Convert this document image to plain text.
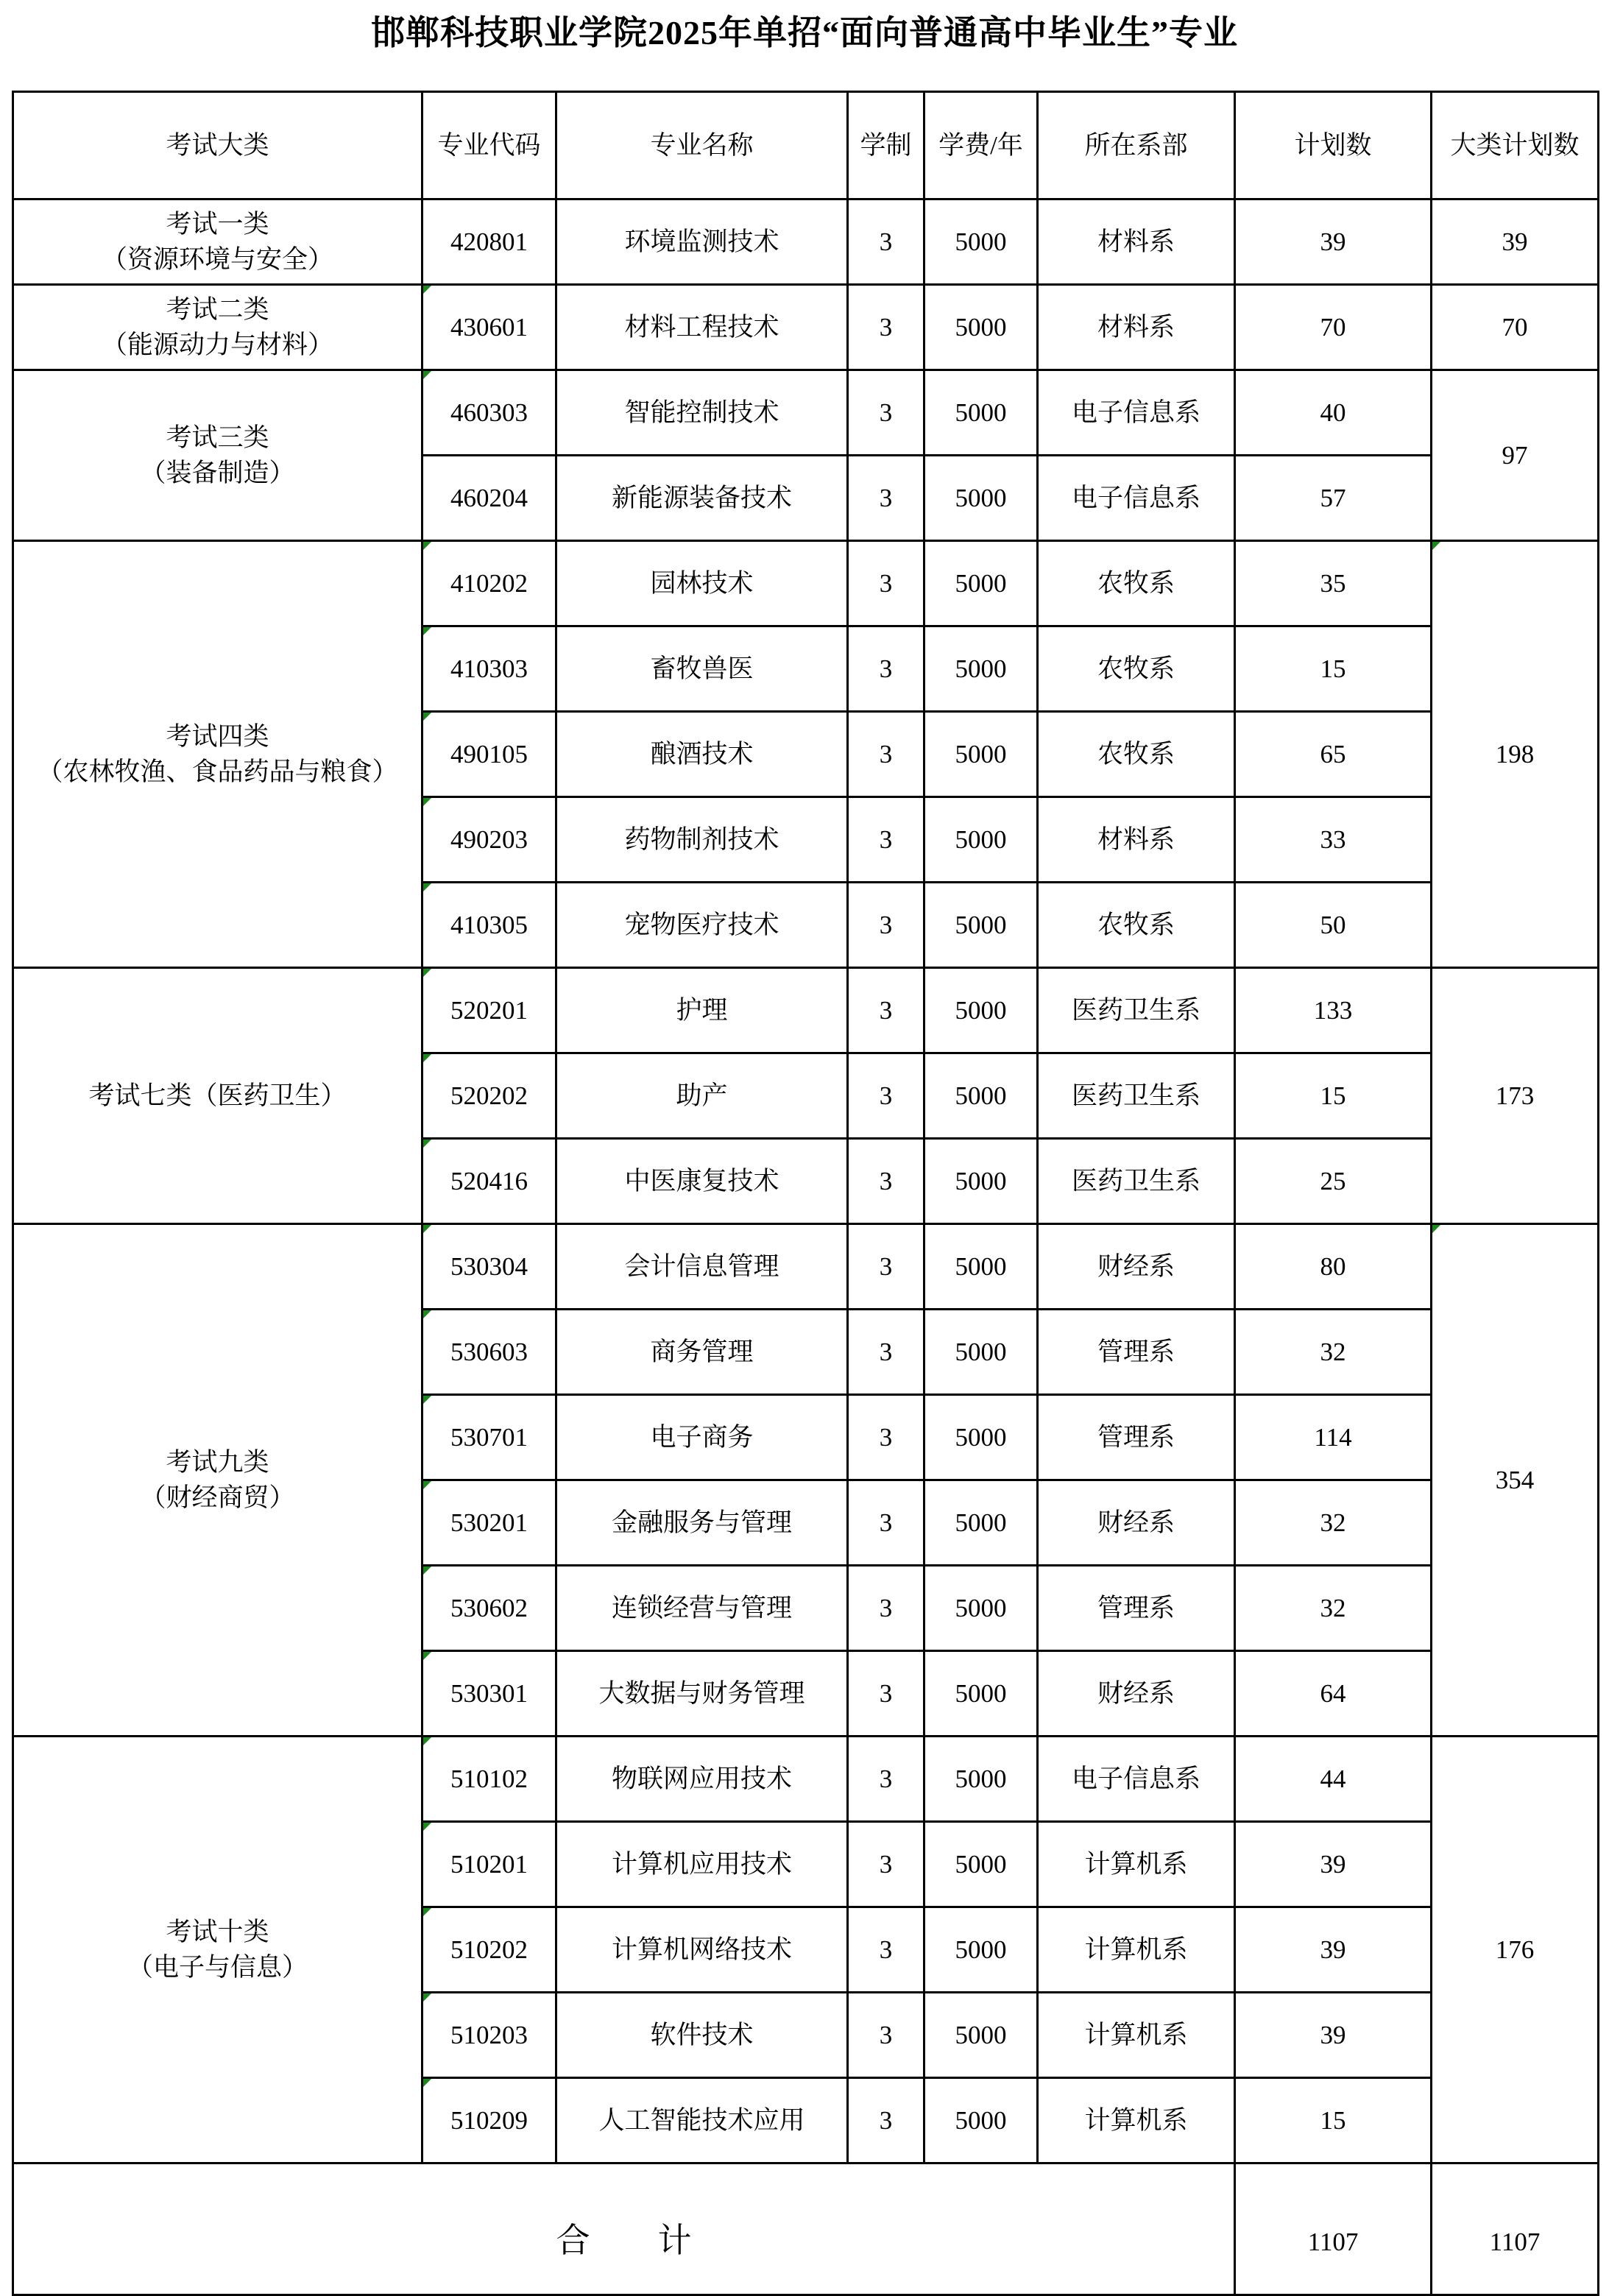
邯郸科技职业学院2025年单招“面向普通高中毕业生”专业
考试大类	专业代码	专业名称	学制	学费/年	所在系部	计划数	大类计划数

考试一类
（资源环境与安全）	420801	环境监测技术	3	5000	材料系	39	39

考试二类
（能源动力与材料）	430601	材料工程技术	3	5000	材料系	70	70

考试三类
（装备制造）	460303	智能控制技术	3	5000	电子信息系	40	97
	460204	新能源装备技术	3	5000	电子信息系	57	

考试四类
（农林牧渔、食品药品与粮食）	410202	园林技术	3	5000	农牧系	35	198
	410303	畜牧兽医	3	5000	农牧系	15	
	490105	酿酒技术	3	5000	农牧系	65	
	490203	药物制剂技术	3	5000	材料系	33	
	410305	宠物医疗技术	3	5000	农牧系	50	

考试七类（医药卫生）	520201	护理	3	5000	医药卫生系	133	173
	520202	助产	3	5000	医药卫生系	15	
	520416	中医康复技术	3	5000	医药卫生系	25	

考试九类
（财经商贸）	530304	会计信息管理	3	5000	财经系	80	354
	530603	商务管理	3	5000	管理系	32	
	530701	电子商务	3	5000	管理系	114	
	530201	金融服务与管理	3	5000	财经系	32	
	530602	连锁经营与管理	3	5000	管理系	32	
	530301	大数据与财务管理	3	5000	财经系	64	

考试十类
（电子与信息）	510102	物联网应用技术	3	5000	电子信息系	44	176
	510201	计算机应用技术	3	5000	计算机系	39	
	510202	计算机网络技术	3	5000	计算机系	39	
	510203	软件技术	3	5000	计算机系	39	
	510209	人工智能技术应用	3	5000	计算机系	15	
合 计						1107	1107
